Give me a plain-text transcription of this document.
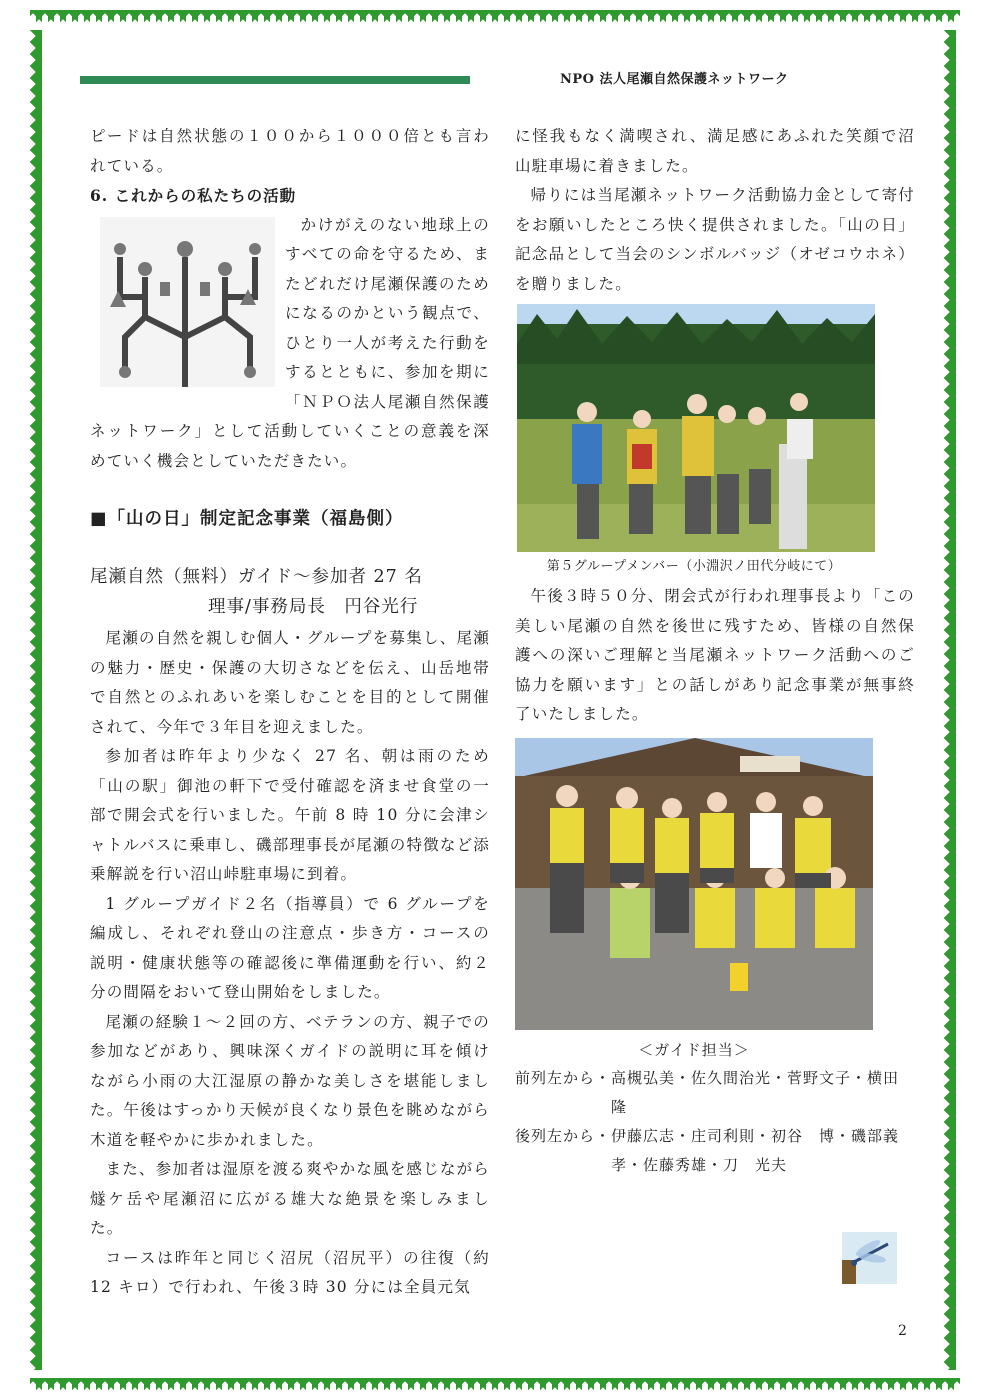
NPO 法人尾瀬自然保護ネットワーク

ピードは自然状態の１００から１０００倍とも言われている。

6. これからの私たちの活動

かけがえのない地球上のすべての命を守るため、またどれだけ尾瀬保護のためになるのかという観点で、ひとり一人が考えた行動をするとともに、参加を期に「ＮＰＯ法人尾瀬自然保護ネットワーク」として活動していくことの意義を深めていく機会としていただきたい。

■「山の日」制定記念事業（福島側）

尾瀬自然（無料）ガイド～参加者 27 名

理事/事務局長　円谷光行

尾瀬の自然を親しむ個人・グループを募集し、尾瀬の魅力・歴史・保護の大切さなどを伝え、山岳地帯で自然とのふれあいを楽しむことを目的として開催されて、今年で３年目を迎えました。

参加者は昨年より少なく 27 名、朝は雨のため「山の駅」御池の軒下で受付確認を済ませ食堂の一部で開会式を行いました。午前 8 時 10 分に会津シャトルバスに乗車し、磯部理事長が尾瀬の特徴など添乗解説を行い沼山峠駐車場に到着。

1 グループガイド２名（指導員）で 6 グループを編成し、それぞれ登山の注意点・歩き方・コースの説明・健康状態等の確認後に準備運動を行い、約２分の間隔をおいて登山開始をしました。

尾瀬の経験１～２回の方、ベテランの方、親子での参加などがあり、興味深くガイドの説明に耳を傾けながら小雨の大江湿原の静かな美しさを堪能しました。午後はすっかり天候が良くなり景色を眺めながら木道を軽やかに歩かれました。

また、参加者は湿原を渡る爽やかな風を感じながら燧ケ岳や尾瀬沼に広がる雄大な絶景を楽しみました。

コースは昨年と同じく沼尻（沼尻平）の往復（約 12 キロ）で行われ、午後３時 30 分には全員元気

に怪我もなく満喫され、満足感にあふれた笑顔で沼山駐車場に着きました。

帰りには当尾瀬ネットワーク活動協力金として寄付をお願いしたところ快く提供されました。「山の日」記念品として当会のシンボルバッジ（オゼコウホネ）を贈りました。

第５グループメンバー（小淵沢ノ田代分岐にて）

午後３時５０分、閉会式が行われ理事長より「この美しい尾瀬の自然を後世に残すため、皆様の自然保護への深いご理解と当尾瀬ネットワーク活動へのご協力を願います」との話しがあり記念事業が無事終了いたしました。

＜ガイド担当＞
前列左から・ 高槻弘美・佐久間治光・菅野文子・横田　隆
後列左から・ 伊藤広志・庄司利則・初谷　博・磯部義孝・佐藤秀雄・刀　光夫
2
